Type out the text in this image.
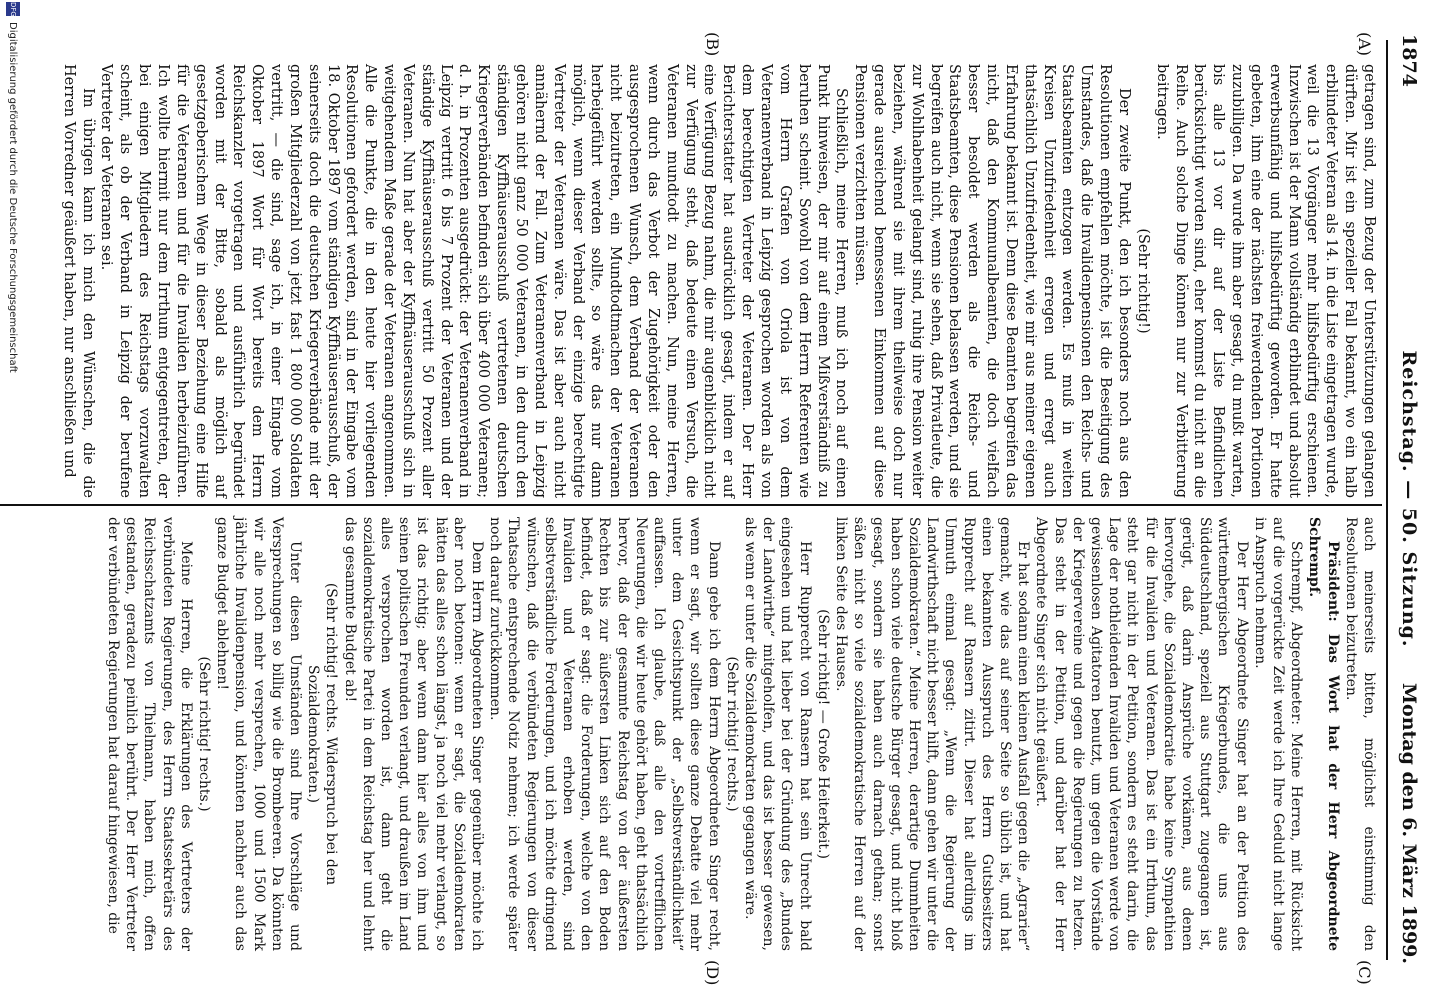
1874
Reichstag. — 50. Sitzung.
Montag den 6. März 1899.
(A)
(B)
(C)
(D)

getragen sind, zum Bezug der Unterstützungen gelangen dürften. Mir ist ein spezieller Fall bekannt, wo ein halb erblindeter Veteran als 14. in die Liste eingetragen wurde, weil die 13 Vorgänger mehr hilfsbedürftig erschienen. Inzwischen ist der Mann vollständig erblindet und absolut erwerbsunfähig und hilfsbedürftig geworden. Er hatte gebeten, ihm eine der nächsten freiwerdenden Portionen zuzubilligen. Da wurde ihm aber gesagt, du mußt warten, bis alle 13 vor dir auf der Liste Befindlichen berücksichtigt worden sind, eher kommst du nicht an die Reihe. Auch solche Dinge können nur zur Verbitterung beitragen.

(Sehr richtig!)

Der zweite Punkt, den ich besonders noch aus den Resolutionen empfehlen möchte, ist die Beseitigung des Umstandes, daß die Invalidenpensionen den Reichs- und Staatsbeamten entzogen werden. Es muß in weiten Kreisen Unzufriedenheit erregen und erregt auch thatsächlich Unzufriedenheit, wie mir aus meiner eigenen Erfahrung bekannt ist. Denn diese Beamten begreifen das nicht, daß den Kommunalbeamten, die doch vielfach besser besoldet werden als die Reichs- und Staatsbeamten, diese Pensionen belassen werden, und sie begreifen auch nicht, wenn sie sehen, daß Privatleute, die zur Wohlhabenheit gelangt sind, ruhig ihre Pension weiter beziehen, während sie mit ihrem theilweise doch nur gerade ausreichend bemessenen Einkommen auf diese Pensionen verzichten müssen.

Schließlich, meine Herren, muß ich noch auf einen Punkt hinweisen, der mir auf einem Mißverständniß zu beruhen scheint. Sowohl von dem Herrn Referenten wie vom Herrn Grafen von Oriola ist von dem Veteranenverband in Leipzig gesprochen worden als von dem berechtigten Vertreter der Veteranen. Der Herr Berichterstatter hat ausdrücklich gesagt, indem er auf eine Verfügung Bezug nahm, die mir augenblicklich nicht zur Verfügung steht, daß bedeute einen Versuch, die Veteranen mundtodt zu machen. Nun, meine Herren, wenn durch das Verbot der Zugehörigkeit oder den ausgesprochenen Wunsch, dem Verband der Veteranen nicht beizutreten, ein Mundtodtmachen der Veteranen herbeigeführt werden sollte, so wäre das nur dann möglich, wenn dieser Verband der einzige berechtigte Vertreter der Veteranen wäre. Das ist aber auch nicht annähernd der Fall. Zum Veteranenverband in Leipzig gehören nicht ganz 50 000 Veteranen, in den durch den ständigen Kyffhäuserausschuß vertretenen deutschen Kriegerverbänden befinden sich über 400 000 Veteranen; d. h. in Prozenten ausgedrückt: der Veteranenverband in Leipzig vertritt 6 bis 7 Prozent der Veteranen und der ständige Kyffhäuserausschuß vertritt 50 Prozent aller Veteranen. Nun hat aber der Kyffhäuserausschuß sich in weitgehendem Maße gerade der Veteranen angenommen. Alle die Punkte, die in den heute hier vorliegenden Resolutionen gefordert werden, sind in der Eingabe vom 18. Oktober 1897 vom ständigen Kyffhäuserausschuß, der seinerseits doch die deutschen Kriegerverbände mit der großen Mitgliederzahl von jetzt fast 1 800 000 Soldaten vertritt, — die sind, sage ich, in einer Eingabe vom Oktober 1897 Wort für Wort bereits dem Herrn Reichskanzler vorgetragen und ausführlich begründet worden mit der Bitte, sobald als möglich auf gesetzgeberischem Wege in dieser Beziehung eine Hilfe für die Veteranen und für die Invaliden herbeizuführen. Ich wollte hiermit nur dem Irrthum entgegentreten, der bei einigen Mitgliedern des Reichstags vorzuwalten scheint, als ob der Verband in Leipzig der berufene Vertreter der Veteranen sei.

Im übrigen kann ich mich den Wünschen, die die Herren Vorredner geäußert haben, nur anschließen und

auch meinerseits bitten, möglichst einstimmig den Resolutionen beizutreten.

Präsident: Das Wort hat der Herr Abgeordnete Schrempf.

Schrempf, Abgeordneter: Meine Herren, mit Rücksicht auf die vorgerückte Zeit werde ich Ihre Geduld nicht lange in Anspruch nehmen.

Der Herr Abgeordnete Singer hat an der Petition des württembergischen Kriegerbundes, die uns aus Süddeutschland, speziell aus Stuttgart zugegangen ist, gerügt, daß darin Ansprüche vorkämen, aus denen hervorgehe, die Sozialdemokratie habe keine Sympathien für die Invaliden und Veteranen. Das ist ein Irrthum, das steht gar nicht in der Petition, sondern es steht darin, die Lage der nothleidenden Invaliden und Veteranen werde von gewissenlosen Agitatoren benutzt, um gegen die Vorstände der Kriegervereine und gegen die Regierungen zu hetzen. Das steht in der Petition, und darüber hat der Herr Abgeordnete Singer sich nicht geäußert.

Er hat sodann einen kleinen Ausfall gegen die „Agrarier“ gemacht, wie das auf seiner Seite so üblich ist, und hat einen bekannten Ausspruch des Herrn Gutsbesitzers Rupprecht auf Ransern zitirt. Dieser hat allerdings im Unmuth einmal gesagt: „Wenn die Regierung der Landwirthschaft nicht besser hilft, dann gehen wir unter die Sozialdemokraten.“ Meine Herren, derartige Dummheiten haben schon viele deutsche Bürger gesagt, und nicht bloß gesagt, sondern sie haben auch darnach gethan; sonst säßen nicht so viele sozialdemokratische Herren auf der linken Seite des Hauses.

(Sehr richtig! — Große Heiterkeit.)

Herr Rupprecht von Ransern hat sein Unrecht bald eingesehen und hat lieber bei der Gründung des „Bundes der Landwirthe“ mitgeholfen, und das ist besser gewesen, als wenn er unter die Sozialdemokraten gegangen wäre.

(Sehr richtig! rechts.)

Dann gebe ich dem Herrn Abgeordneten Singer recht, wenn er sagt, wir sollten diese ganze Debatte viel mehr unter dem Gesichtspunkt der „Selbstverständlichkeit“ auffassen. Ich glaube, daß alle den vortrefflichen Neuerungen, die wir heute gehört haben, geht thatsächlich hervor, daß der gesammte Reichstag von der äußersten Rechten bis zur äußersten Linken sich auf den Boden befindet, daß er sagt: die Forderungen, welche von den Invaliden und Veteranen erhoben werden, sind selbstverständliche Forderungen, und ich möchte dringend wünschen, daß die verbündeten Regierungen von dieser Thatsache entsprechende Notiz nehmen; ich werde später noch darauf zurückkommen.

Dem Herrn Abgeordneten Singer gegenüber möchte ich aber noch betonen: wenn er sagt, die Sozialdemokraten hätten das alles schon längst, ja noch viel mehr verlangt, so ist das richtig; aber wenn dann hier alles von ihm und seinen politischen Freunden verlangt, und draußen im Land alles versprochen worden ist, dann geht die sozialdemokratische Partei in dem Reichstag her und lehnt das gesammte Budget ab!

(Sehr richtig! rechts. Widerspruch bei den Sozialdemokraten.)

Unter diesen Umständen sind Ihre Vorschläge und Versprechungen so billig wie die Brombeeren. Da könnten wir alle noch mehr versprechen, 1000 und 1500 Mark jährliche Invalidenpension, und könnten nachher auch das ganze Budget ablehnen!

(Sehr richtig! rechts.)

Meine Herren, die Erklärungen des Vertreters der verbündeten Regierungen, des Herrn Staatssekretärs des Reichsschatzamts von Thielmann, haben mich, offen gestanden, geradezu peinlich berührt. Der Herr Vertreter der verbündeten Regierungen hat darauf hingewiesen, die

DFG
Digitalisierung gefördert durch die Deutsche Forschungsgemeinschaft
